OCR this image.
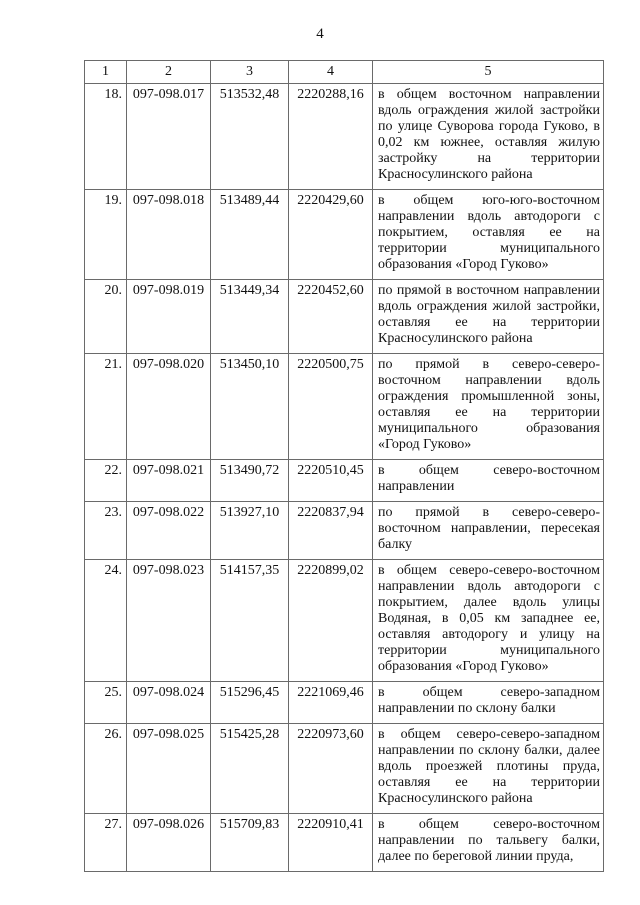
4
1	2	3	4	5
18.	097-098.017	513532,48	2220288,16	в общем восточном направлении вдоль ограждения жилой застройки по улице Суворова города Гуково, в 0,02 км южнее, оставляя жилую застройку на территории Красносулинского района
19.	097-098.018	513489,44	2220429,60	в общем юго-юго-восточном направлении вдоль автодороги с покрытием, оставляя ее на территории муниципального образования «Город Гуково»
20.	097-098.019	513449,34	2220452,60	по прямой в восточном направлении вдоль ограждения жилой застройки, оставляя ее на территории Красносулинского района
21.	097-098.020	513450,10	2220500,75	по прямой в северо-северо-восточном направлении вдоль ограждения промышленной зоны, оставляя ее на территории муниципального образования «Город Гуково»
22.	097-098.021	513490,72	2220510,45	в общем северо-восточном направлении
23.	097-098.022	513927,10	2220837,94	по прямой в северо-северо-восточном направлении, пересекая балку
24.	097-098.023	514157,35	2220899,02	в общем северо-северо-восточном направлении вдоль автодороги с покрытием, далее вдоль улицы Водяная, в 0,05 км западнее ее, оставляя автодорогу и улицу на территории муниципального образования «Город Гуково»
25.	097-098.024	515296,45	2221069,46	в общем северо-западном направлении по склону балки
26.	097-098.025	515425,28	2220973,60	в общем северо-северо-западном направлении по склону балки, далее вдоль проезжей плотины пруда, оставляя ее на территории Красносулинского района
27.	097-098.026	515709,83	2220910,41	в общем северо-восточном направлении по тальвегу балки, далее по береговой линии пруда,
